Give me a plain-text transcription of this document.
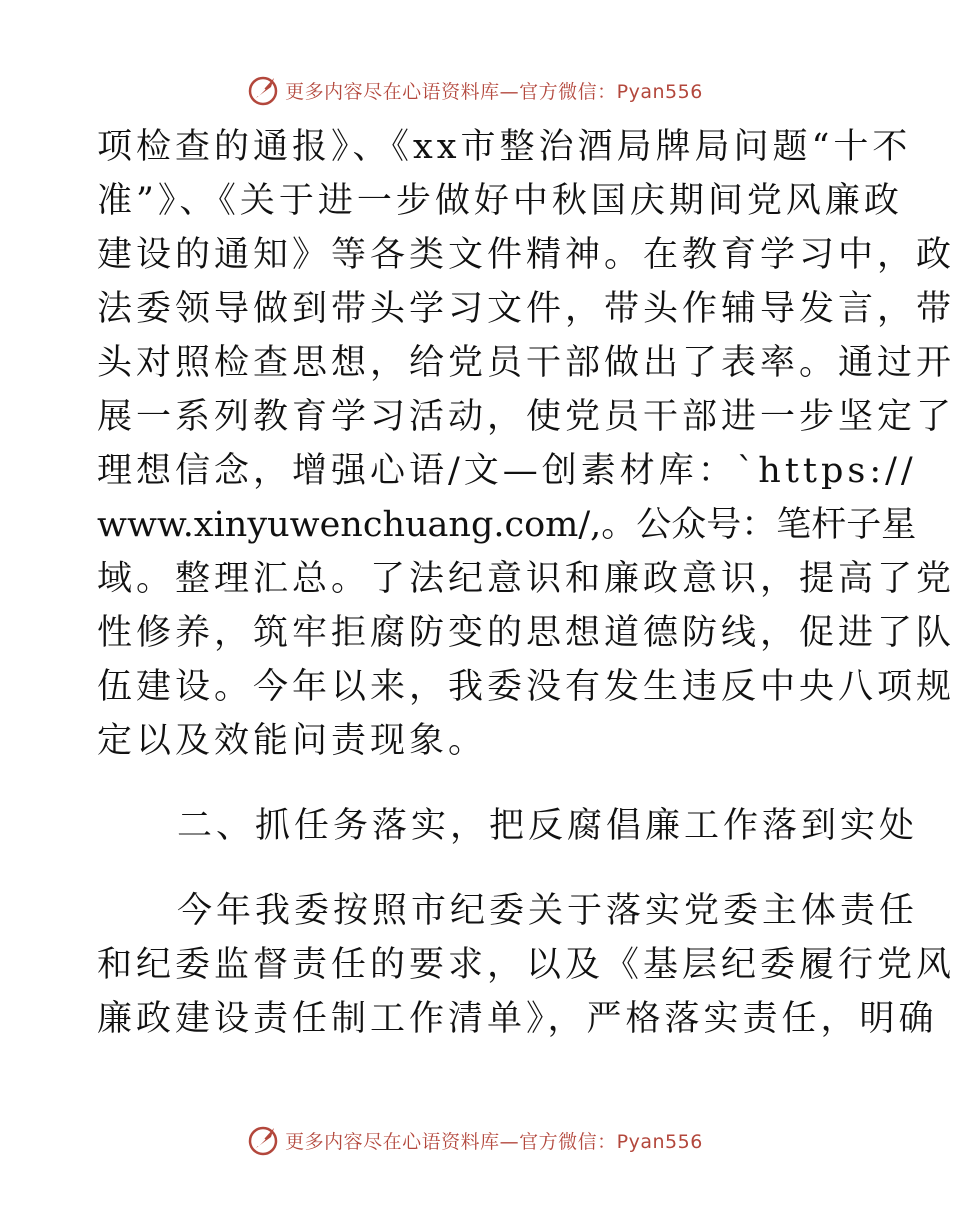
更多内容尽在心语资料库—官方微信：Pyan556
项检查的通报》、《xx市整治酒局牌局问题“十不
准”》、《关于进一步做好中秋国庆期间党风廉政
建设的通知》等各类文件精神。在教育学习中，政
法委领导做到带头学习文件，带头作辅导发言，带
头对照检查思想，给党员干部做出了表率。通过开
展一系列教育学习活动，使党员干部进一步坚定了
理想信念，增强心语/文—创素材库：`https://
www.xinyuwenchuang.com/,。公众号：笔杆子星
域。整理汇总。了法纪意识和廉政意识，提高了党
性修养，筑牢拒腐防变的思想道德防线，促进了队
伍建设。今年以来，我委没有发生违反中央八项规
定以及效能问责现象。
二、抓任务落实，把反腐倡廉工作落到实处
今年我委按照市纪委关于落实党委主体责任
和纪委监督责任的要求，以及《基层纪委履行党风
廉政建设责任制工作清单》，严格落实责任，明确
更多内容尽在心语资料库—官方微信：Pyan556
